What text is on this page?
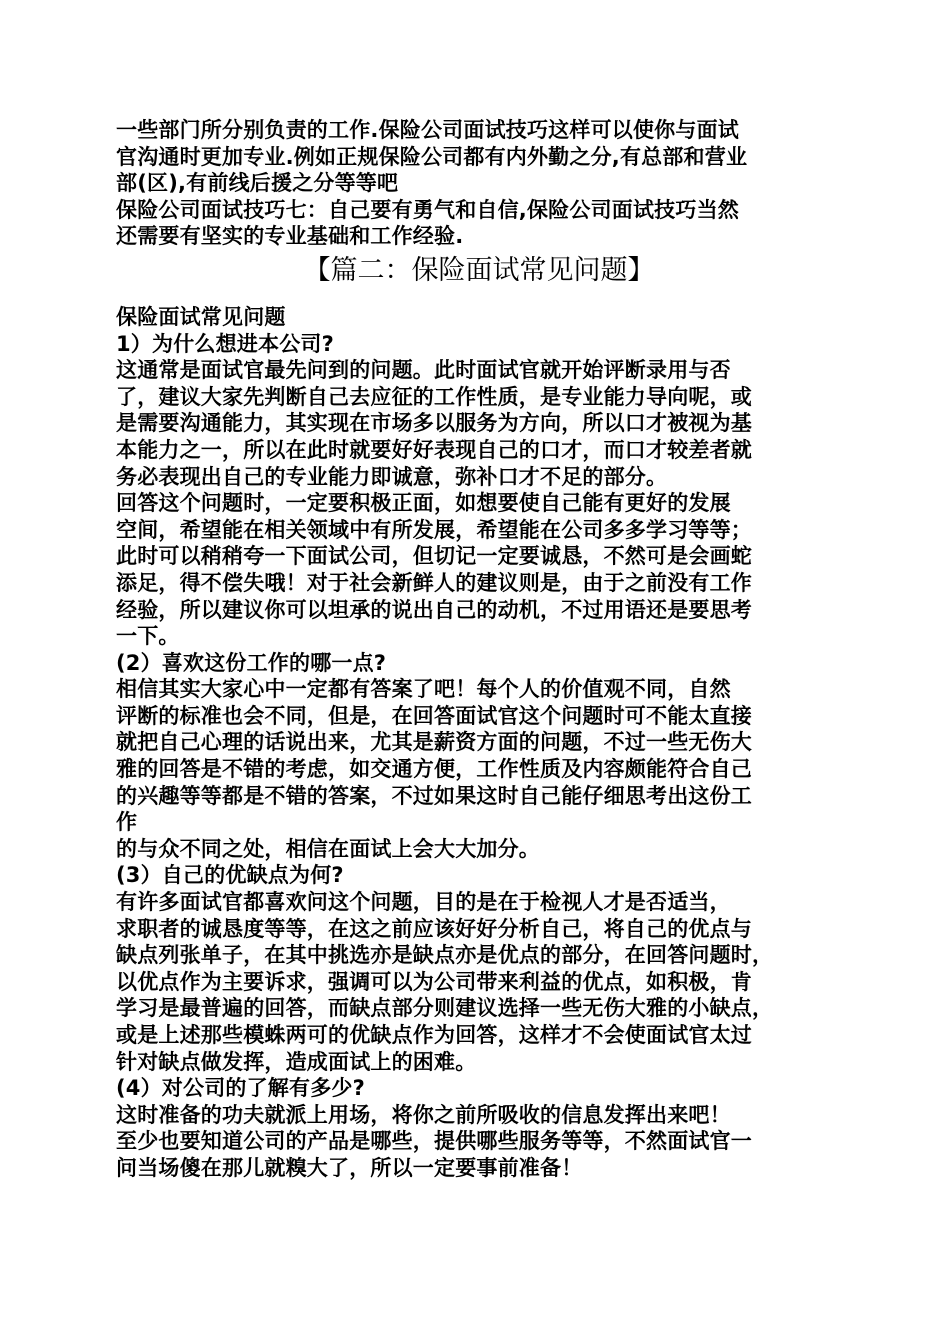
一些部门所分别负责的工作.保险公司面试技巧这样可以使你与面试
官沟通时更加专业.例如正规保险公司都有内外勤之分,有总部和营业
部(区),有前线后援之分等等吧
保险公司面试技巧七：自己要有勇气和自信,保险公司面试技巧当然
还需要有坚实的专业基础和工作经验.
【篇二：保险面试常见问题】
保险面试常见问题
1）为什么想进本公司?
这通常是面试官最先问到的问题。此时面试官就开始评断录用与否
了，建议大家先判断自己去应征的工作性质，是专业能力导向呢，或
是需要沟通能力，其实现在市场多以服务为方向，所以口才被视为基
本能力之一，所以在此时就要好好表现自己的口才，而口才较差者就
务必表现出自己的专业能力即诚意，弥补口才不足的部分。
回答这个问题时，一定要积极正面，如想要使自己能有更好的发展
空间，希望能在相关领域中有所发展，希望能在公司多多学习等等；
此时可以稍稍夸一下面试公司，但切记一定要诚恳，不然可是会画蛇
添足，得不偿失哦！对于社会新鲜人的建议则是，由于之前没有工作
经验，所以建议你可以坦承的说出自己的动机，不过用语还是要思考
一下。
(2）喜欢这份工作的哪一点?
相信其实大家心中一定都有答案了吧！每个人的价值观不同，自然
评断的标准也会不同，但是，在回答面试官这个问题时可不能太直接
就把自己心理的话说出来，尤其是薪资方面的问题，不过一些无伤大
雅的回答是不错的考虑，如交通方便，工作性质及内容颇能符合自己
的兴趣等等都是不错的答案，不过如果这时自己能仔细思考出这份工
作
的与众不同之处，相信在面试上会大大加分。
(3）自己的优缺点为何?
有许多面试官都喜欢问这个问题，目的是在于检视人才是否适当，
求职者的诚恳度等等，在这之前应该好好分析自己，将自己的优点与
缺点列张单子，在其中挑选亦是缺点亦是优点的部分，在回答问题时，
以优点作为主要诉求，强调可以为公司带来利益的优点，如积极，肯
学习是最普遍的回答，而缺点部分则建议选择一些无伤大雅的小缺点，
或是上述那些模蛛两可的优缺点作为回答，这样才不会使面试官太过
针对缺点做发挥，造成面试上的困难。
(4）对公司的了解有多少?
这时准备的功夫就派上用场，将你之前所吸收的信息发挥出来吧！
至少也要知道公司的产品是哪些，提供哪些服务等等，不然面试官一
问当场傻在那儿就糗大了，所以一定要事前准备！
